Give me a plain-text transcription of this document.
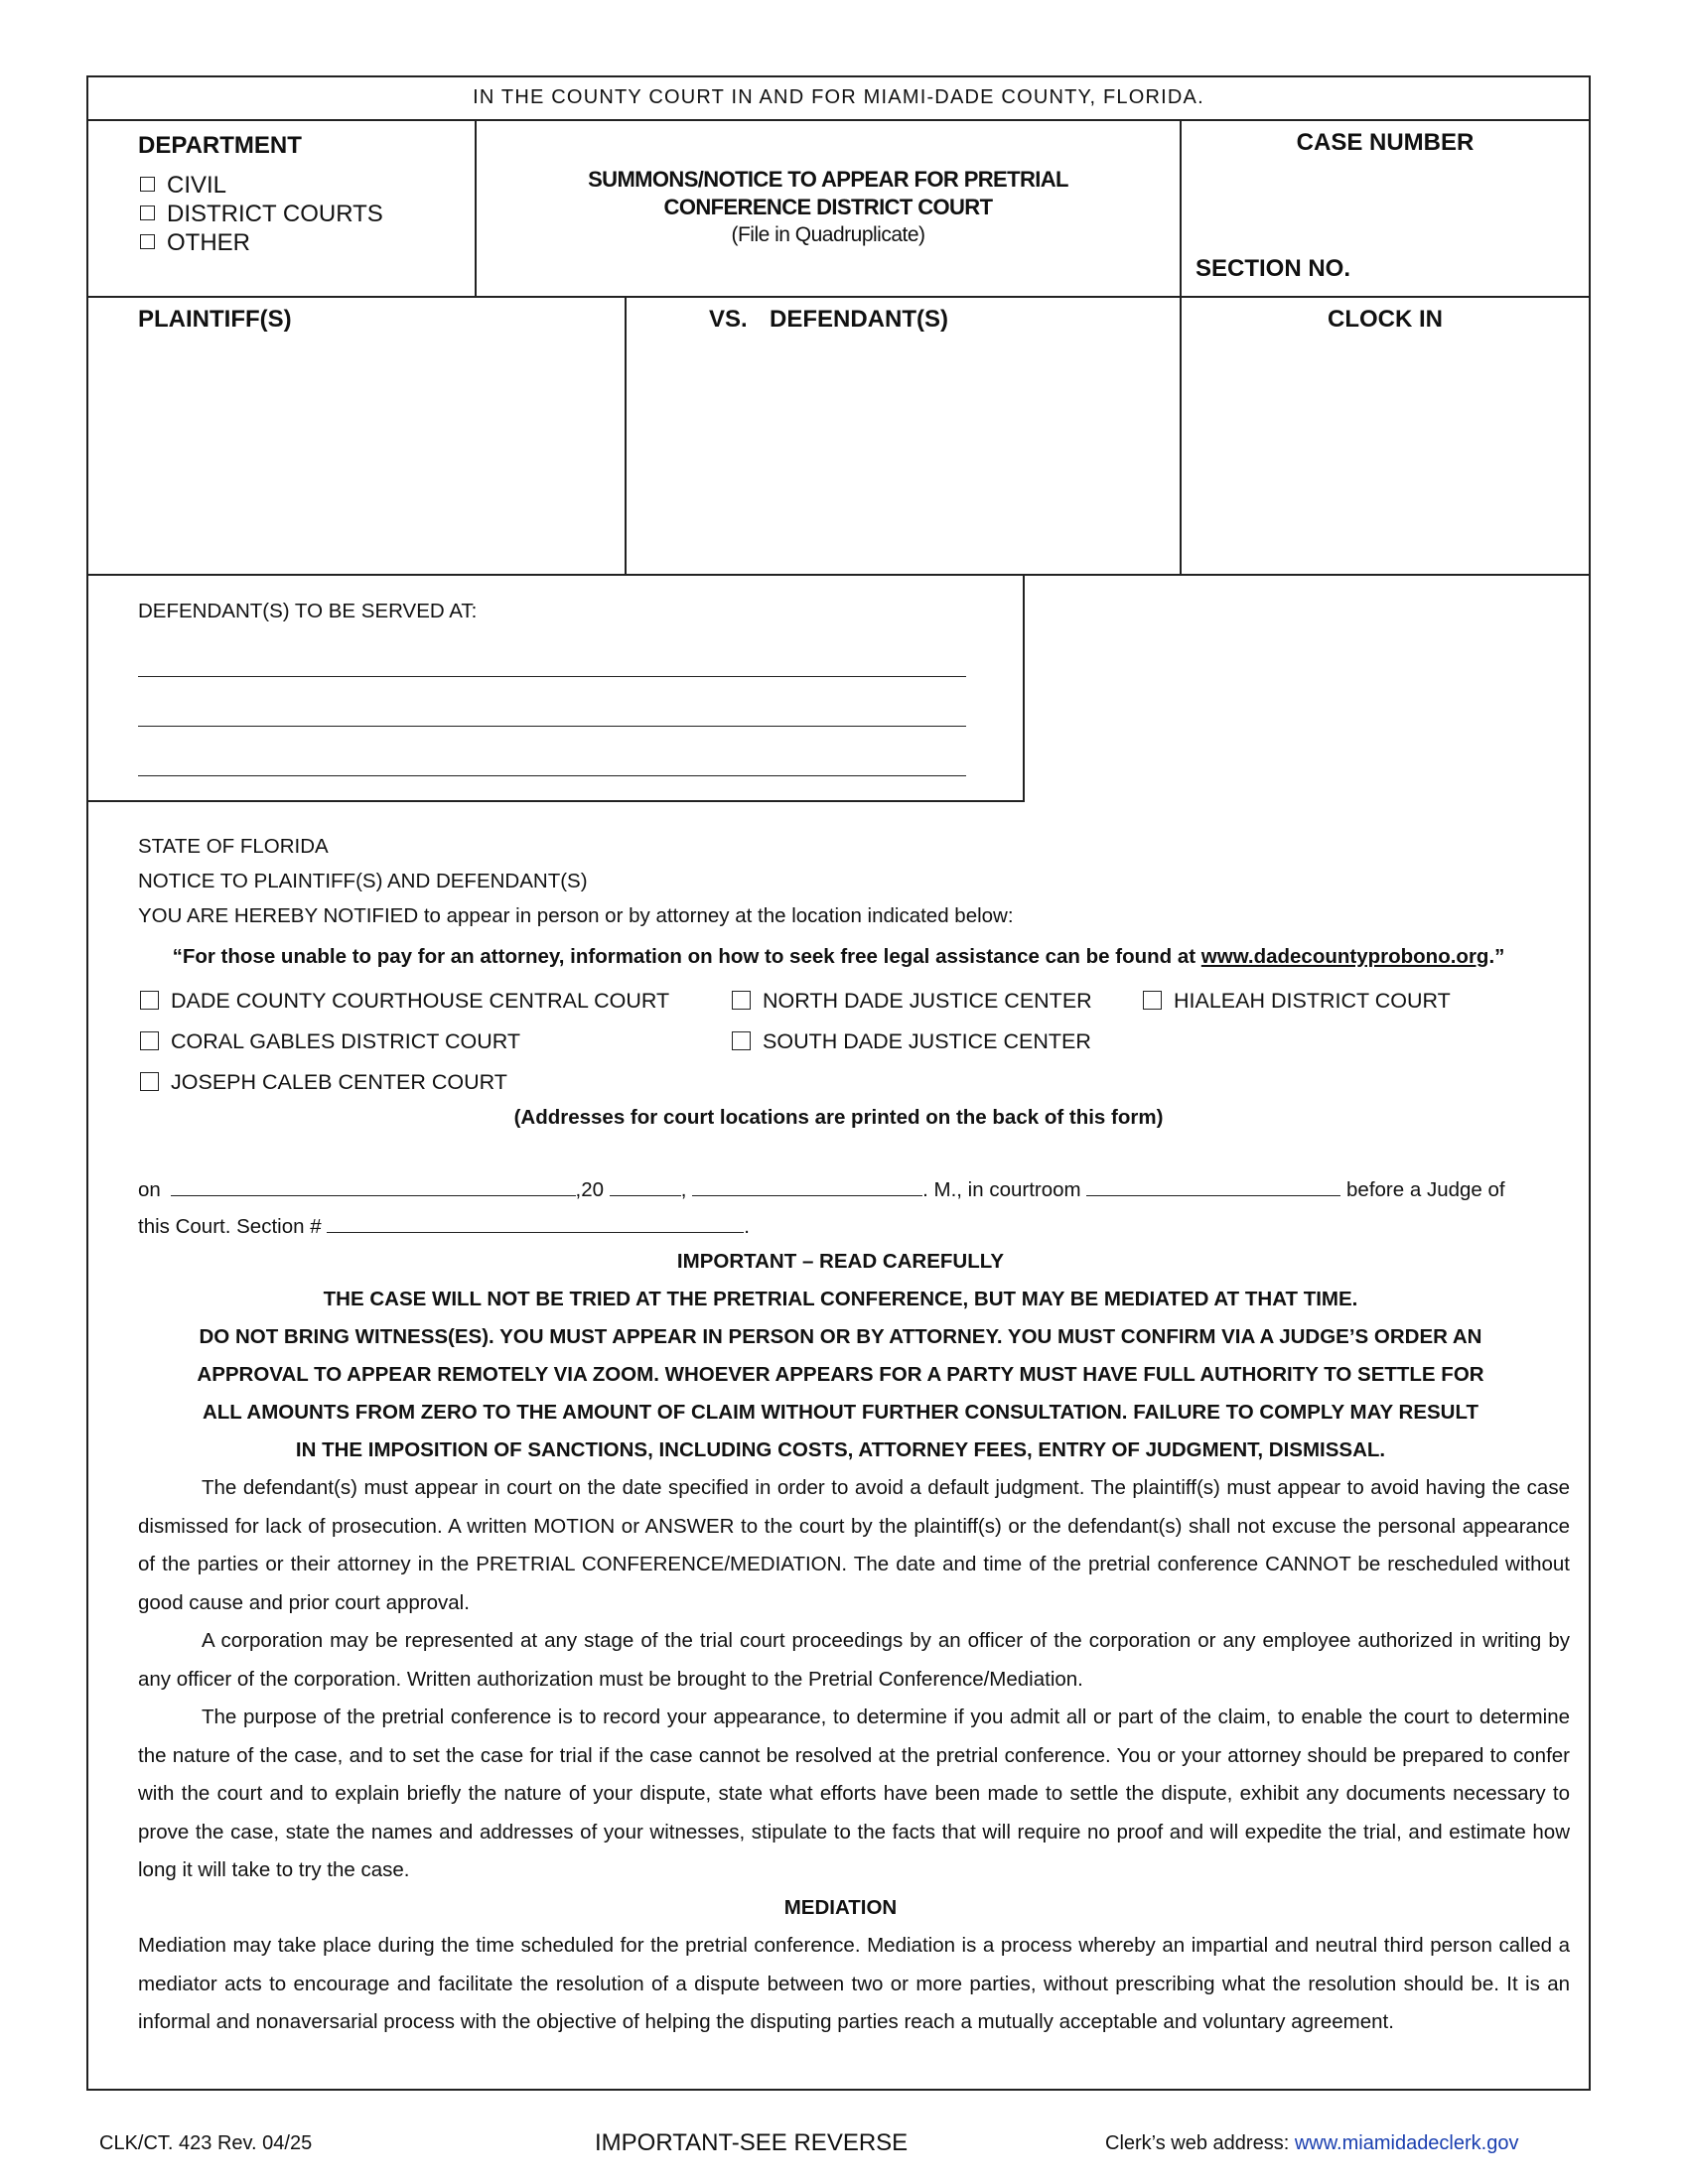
IN THE COUNTY COURT IN AND FOR MIAMI-DADE COUNTY, FLORIDA.
DEPARTMENT
CIVIL
DISTRICT COURTS
OTHER
SUMMONS/NOTICE TO APPEAR FOR PRETRIAL
CONFERENCE DISTRICT COURT
(File in Quadruplicate)
CASE NUMBER
SECTION NO.
PLAINTIFF(S)	VS. DEFENDANT(S)	CLOCK IN
DEFENDANT(S) TO BE SERVED AT:
STATE OF FLORIDA
NOTICE TO PLAINTIFF(S) AND DEFENDANT(S)
YOU ARE HEREBY NOTIFIED to appear in person or by attorney at the location indicated below:
“For those unable to pay for an attorney, information on how to seek free legal assistance can be found at www.dadecountyprobono.org.”
DADE COUNTY COURTHOUSE CENTRAL COURT	NORTH DADE JUSTICE CENTER	HIALEAH DISTRICT COURT
CORAL GABLES DISTRICT COURT	SOUTH DADE JUSTICE CENTER
JOSEPH CALEB CENTER COURT
(Addresses for court locations are printed on the back of this form)
on	,20	,	. M., in courtroom	before a Judge of
this Court. Section #	.
IMPORTANT – READ CAREFULLY
THE CASE WILL NOT BE TRIED AT THE PRETRIAL CONFERENCE, BUT MAY BE MEDIATED AT THAT TIME.
DO NOT BRING WITNESS(ES). YOU MUST APPEAR IN PERSON OR BY ATTORNEY. YOU MUST CONFIRM VIA A JUDGE’S ORDER AN
APPROVAL TO APPEAR REMOTELY VIA ZOOM. WHOEVER APPEARS FOR A PARTY MUST HAVE FULL AUTHORITY TO SETTLE FOR
ALL AMOUNTS FROM ZERO TO THE AMOUNT OF CLAIM WITHOUT FURTHER CONSULTATION. FAILURE TO COMPLY MAY RESULT
IN THE IMPOSITION OF SANCTIONS, INCLUDING COSTS, ATTORNEY FEES, ENTRY OF JUDGMENT, DISMISSAL.
The defendant(s) must appear in court on the date specified in order to avoid a default judgment. The plaintiff(s) must appear to avoid having the case dismissed for lack of prosecution. A written MOTION or ANSWER to the court by the plaintiff(s) or the defendant(s) shall not excuse the personal appearance of the parties or their attorney in the PRETRIAL CONFERENCE/MEDIATION. The date and time of the pretrial conference CANNOT be rescheduled without good cause and prior court approval.
A corporation may be represented at any stage of the trial court proceedings by an officer of the corporation or any employee authorized in writing by any officer of the corporation. Written authorization must be brought to the Pretrial Conference/Mediation.
The purpose of the pretrial conference is to record your appearance, to determine if you admit all or part of the claim, to enable the court to determine the nature of the case, and to set the case for trial if the case cannot be resolved at the pretrial conference. You or your attorney should be prepared to confer with the court and to explain briefly the nature of your dispute, state what efforts have been made to settle the dispute, exhibit any documents necessary to prove the case, state the names and addresses of your witnesses, stipulate to the facts that will require no proof and will expedite the trial, and estimate how long it will take to try the case.
MEDIATION
Mediation may take place during the time scheduled for the pretrial conference. Mediation is a process whereby an impartial and neutral third person called a mediator acts to encourage and facilitate the resolution of a dispute between two or more parties, without prescribing what the resolution should be. It is an informal and nonaversarial process with the objective of helping the disputing parties reach a mutually acceptable and voluntary agreement.
CLK/CT. 423 Rev. 04/25	IMPORTANT-SEE REVERSE	Clerk’s web address: www.miamidadeclerk.gov
